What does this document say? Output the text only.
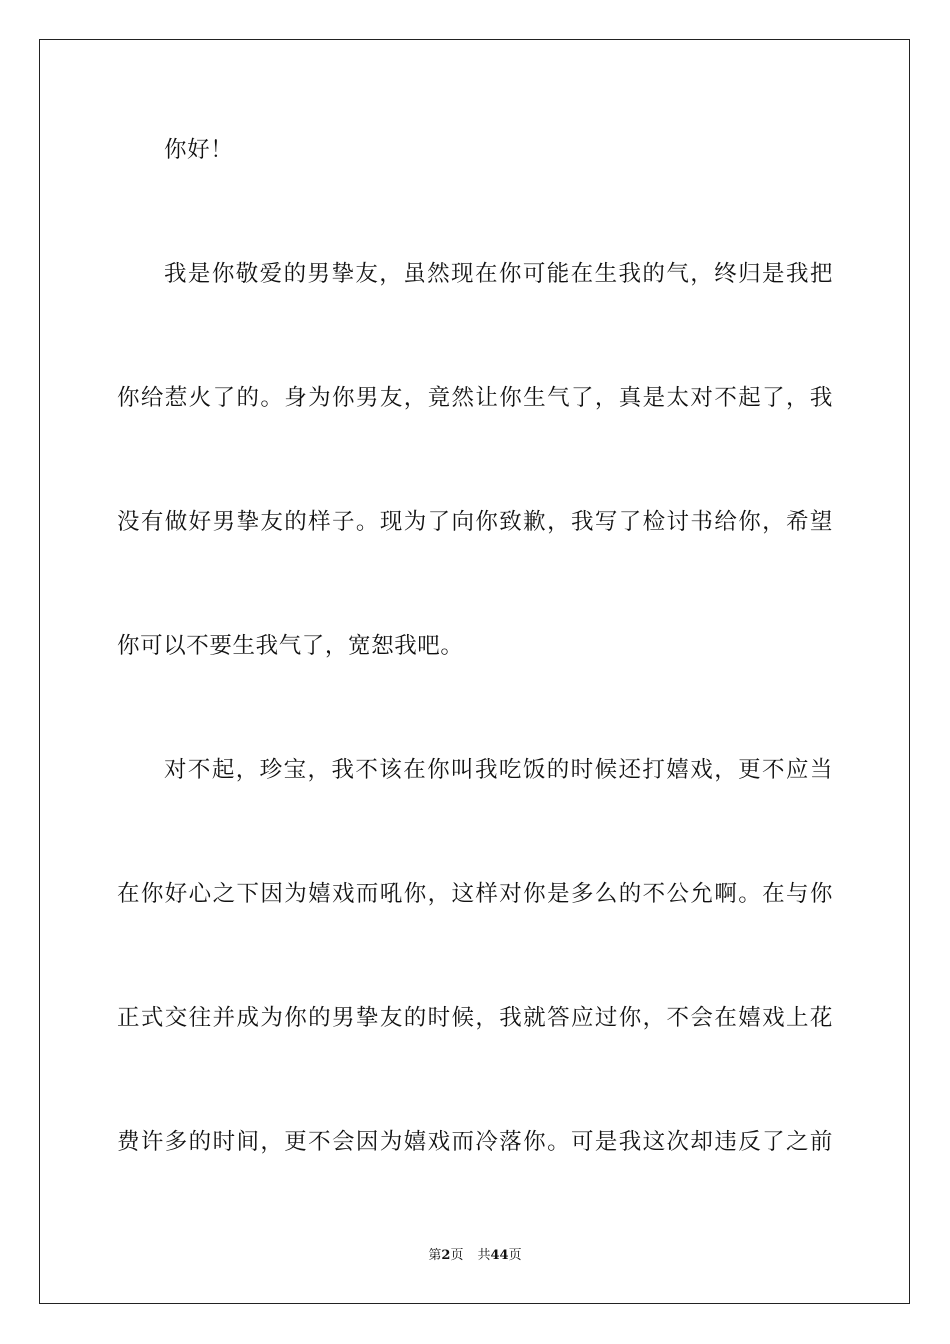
你好！
我是你敬爱的男挚友，虽然现在你可能在生我的气，终归是我把
你给惹火了的。身为你男友，竟然让你生气了，真是太对不起了，我
没有做好男挚友的样子。现为了向你致歉，我写了检讨书给你，希望
你可以不要生我气了，宽恕我吧。
对不起，珍宝，我不该在你叫我吃饭的时候还打嬉戏，更不应当
在你好心之下因为嬉戏而吼你，这样对你是多么的不公允啊。在与你
正式交往并成为你的男挚友的时候，我就答应过你，不会在嬉戏上花
费许多的时间，更不会因为嬉戏而冷落你。可是我这次却违反了之前
第2页 共44页
